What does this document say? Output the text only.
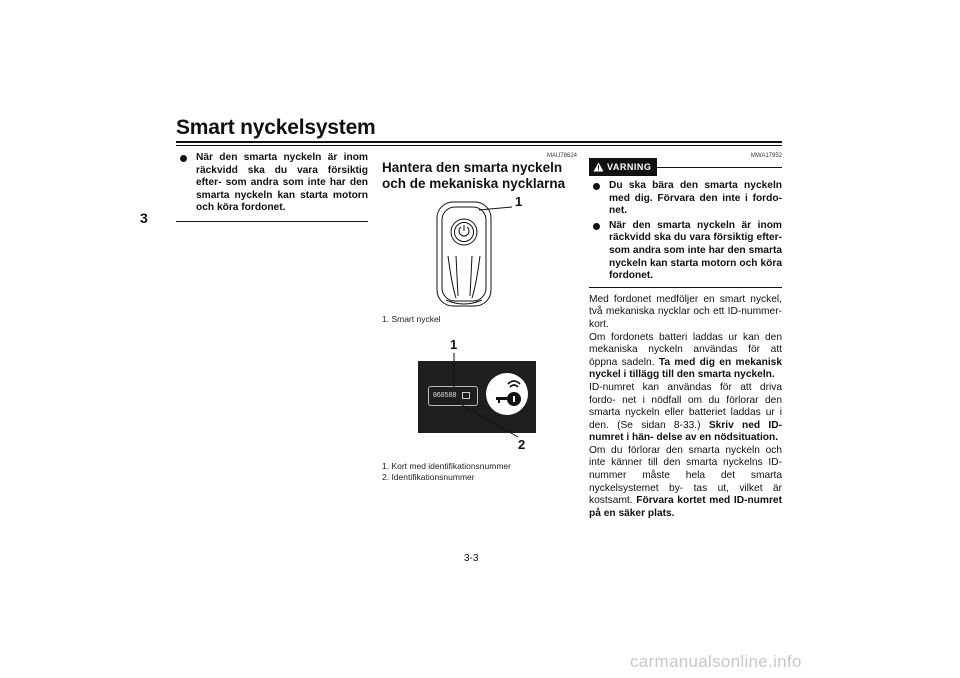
Smart nyckelsystem
3
När den smarta nyckeln är inom räckvidd ska du vara försiktig efter- som andra som inte har den smarta nyckeln kan starta motorn och köra fordonet.
MAU78624
Hantera den smarta nyckeln och de mekaniska nycklarna
1
1. Smart nyckel
1
868588
2
1. Kort med identifikationsnummer
2. Identifikationsnummer
MWA17952
VARNING
Du ska bära den smarta nyckeln med dig. Förvara den inte i fordo- net.
När den smarta nyckeln är inom räckvidd ska du vara försiktig efter- som andra som inte har den smarta nyckeln kan starta motorn och köra fordonet.
Med fordonet medföljer en smart nyckel, två mekaniska nycklar och ett ID-nummer- kort.
Om fordonets batteri laddas ur kan den mekaniska nyckeln användas för att öppna sadeln. Ta med dig en mekanisk nyckel i tillägg till den smarta nyckeln.
ID-numret kan användas för att driva fordo- net i nödfall om du förlorar den smarta nyckeln eller batteriet laddas ur i den. (Se sidan 8-33.) Skriv ned ID-numret i hän- delse av en nödsituation.
Om du förlorar den smarta nyckeln och inte känner till den smarta nyckelns ID-nummer måste hela det smarta nyckelsystemet by- tas ut, vilket är kostsamt. Förvara kortet med ID-numret på en säker plats.
3-3
carmanualsonline.info
